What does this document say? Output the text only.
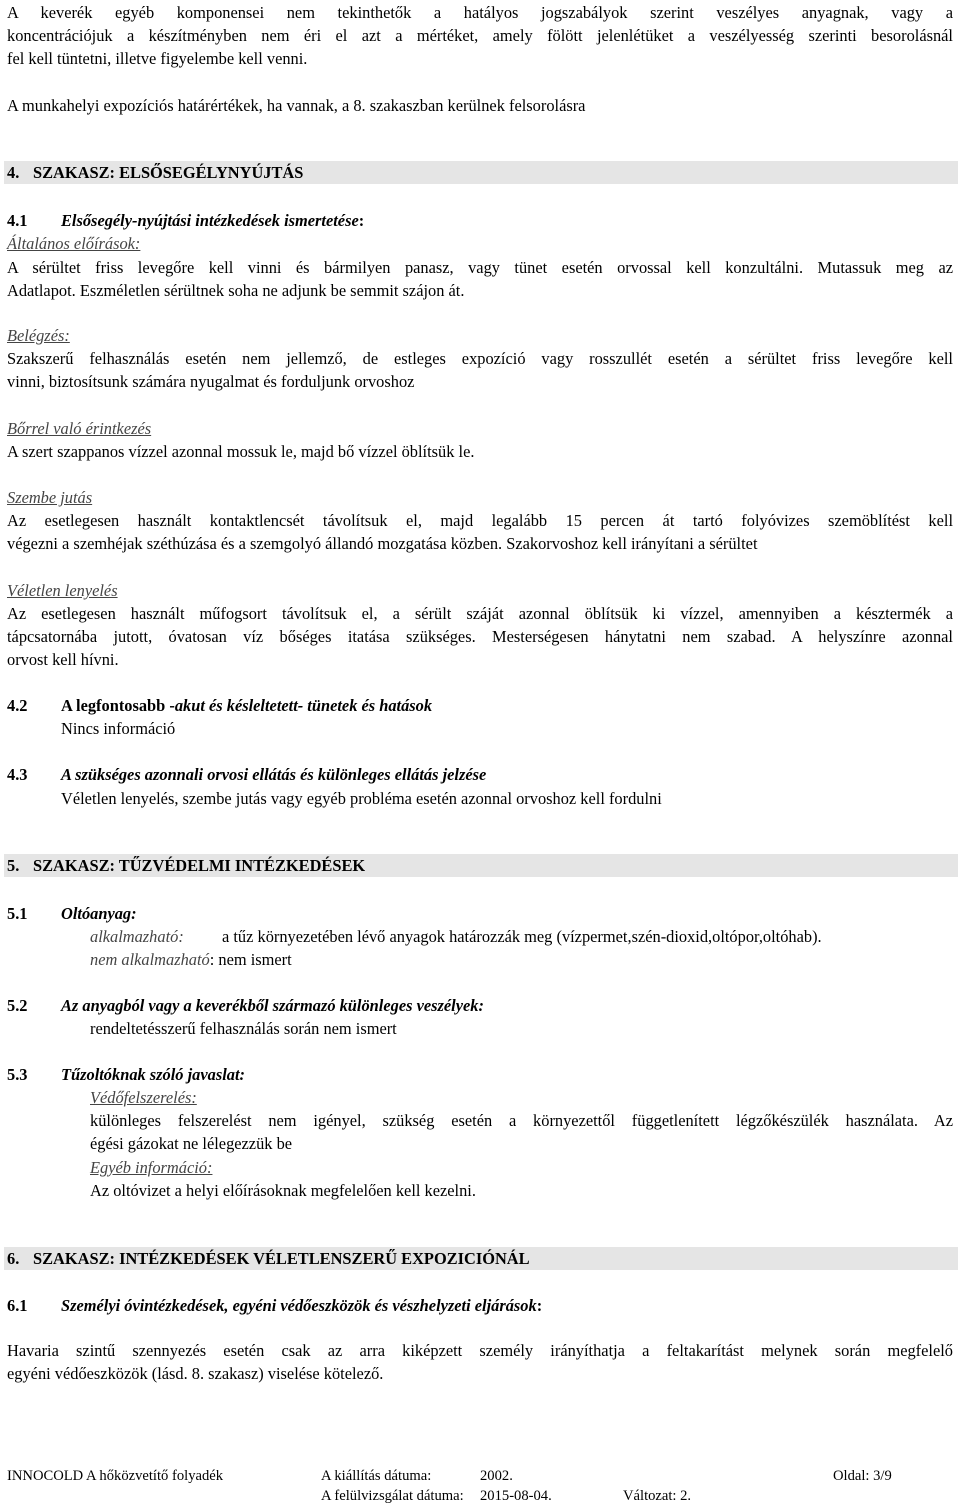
A keverék egyéb komponensei nem tekinthetők a hatályos jogszabályok szerint veszélyes anyagnak, vagy a
koncentrációjuk a készítményben nem éri el azt a mértéket, amely fölött jelenlétüket a veszélyesség szerinti besorolásnál
fel kell tüntetni, illetve figyelembe kell venni.
A munkahelyi expozíciós határértékek, ha vannak, a 8. szakaszban kerülnek felsorolásra
4. SZAKASZ: ELSŐSEGÉLYNYÚJTÁS
4.1 Elsősegély-nyújtási intézkedések ismertetése:
Általános előírások:
A sérültet friss levegőre kell vinni és bármilyen panasz, vagy tünet esetén orvossal kell konzultálni. Mutassuk meg az
Adatlapot. Eszméletlen sérültnek soha ne adjunk be semmit szájon át.
Belégzés:
Szakszerű felhasználás esetén nem jellemző, de estleges expozíció vagy rosszullét esetén a sérültet friss levegőre kell
vinni, biztosítsunk számára nyugalmat és forduljunk orvoshoz
Bőrrel való érintkezés
A szert szappanos vízzel azonnal mossuk le, majd bő vízzel öblítsük le.
Szembe jutás
Az esetlegesen használt kontaktlencsét távolítsuk el, majd legalább 15 percen át tartó folyóvizes szemöblítést kell
végezni a szemhéjak széthúzása és a szemgolyó állandó mozgatása közben. Szakorvoshoz kell irányítani a sérültet
Véletlen lenyelés
Az esetlegesen használt műfogsort távolítsuk el, a sérült száját azonnal öblítsük ki vízzel, amennyiben a késztermék a
tápcsatornába jutott, óvatosan víz bőséges itatása szükséges. Mesterségesen hánytatni nem szabad. A helyszínre azonnal
orvost kell hívni.
4.2 A legfontosabb -akut és késleltetett- tünetek és hatások
Nincs információ
4.3 A szükséges azonnali orvosi ellátás és különleges ellátás jelzése
Véletlen lenyelés, szembe jutás vagy egyéb probléma esetén azonnal orvoshoz kell fordulni
5. SZAKASZ: TŰZVÉDELMI INTÉZKEDÉSEK
5.1 Oltóanyag:
alkalmazható: a tűz környezetében lévő anyagok határozzák meg (vízpermet,szén-dioxid,oltópor,oltóhab).
nem alkalmazható: nem ismert
5.2 Az anyagból vagy a keverékből származó különleges veszélyek:
rendeltetésszerű felhasználás során nem ismert
5.3 Tűzoltóknak szóló javaslat:
Védőfelszerelés:
különleges felszerelést nem igényel, szükség esetén a környezettől függetlenített légzőkészülék használata. Az
égési gázokat ne lélegezzük be
Egyéb információ:
Az oltóvizet a helyi előírásoknak megfelelően kell kezelni.
6. SZAKASZ: INTÉZKEDÉSEK VÉLETLENSZERŰ EXPOZICIÓNÁL
6.1 Személyi óvintézkedések, egyéni védőeszközök és vészhelyzeti eljárások:
Havaria szintű szennyezés esetén csak az arra kiképzett személy irányíthatja a feltakarítást melynek során megfelelő
egyéni védőeszközök (lásd. 8. szakasz) viselése kötelező.
INNOCOLD A hőközvetítő folyadék	A kiállítás dátuma:	2002.	Oldal: 3/9
A felülvizsgálat dátuma: 2015-08-04.	Változat: 2.
